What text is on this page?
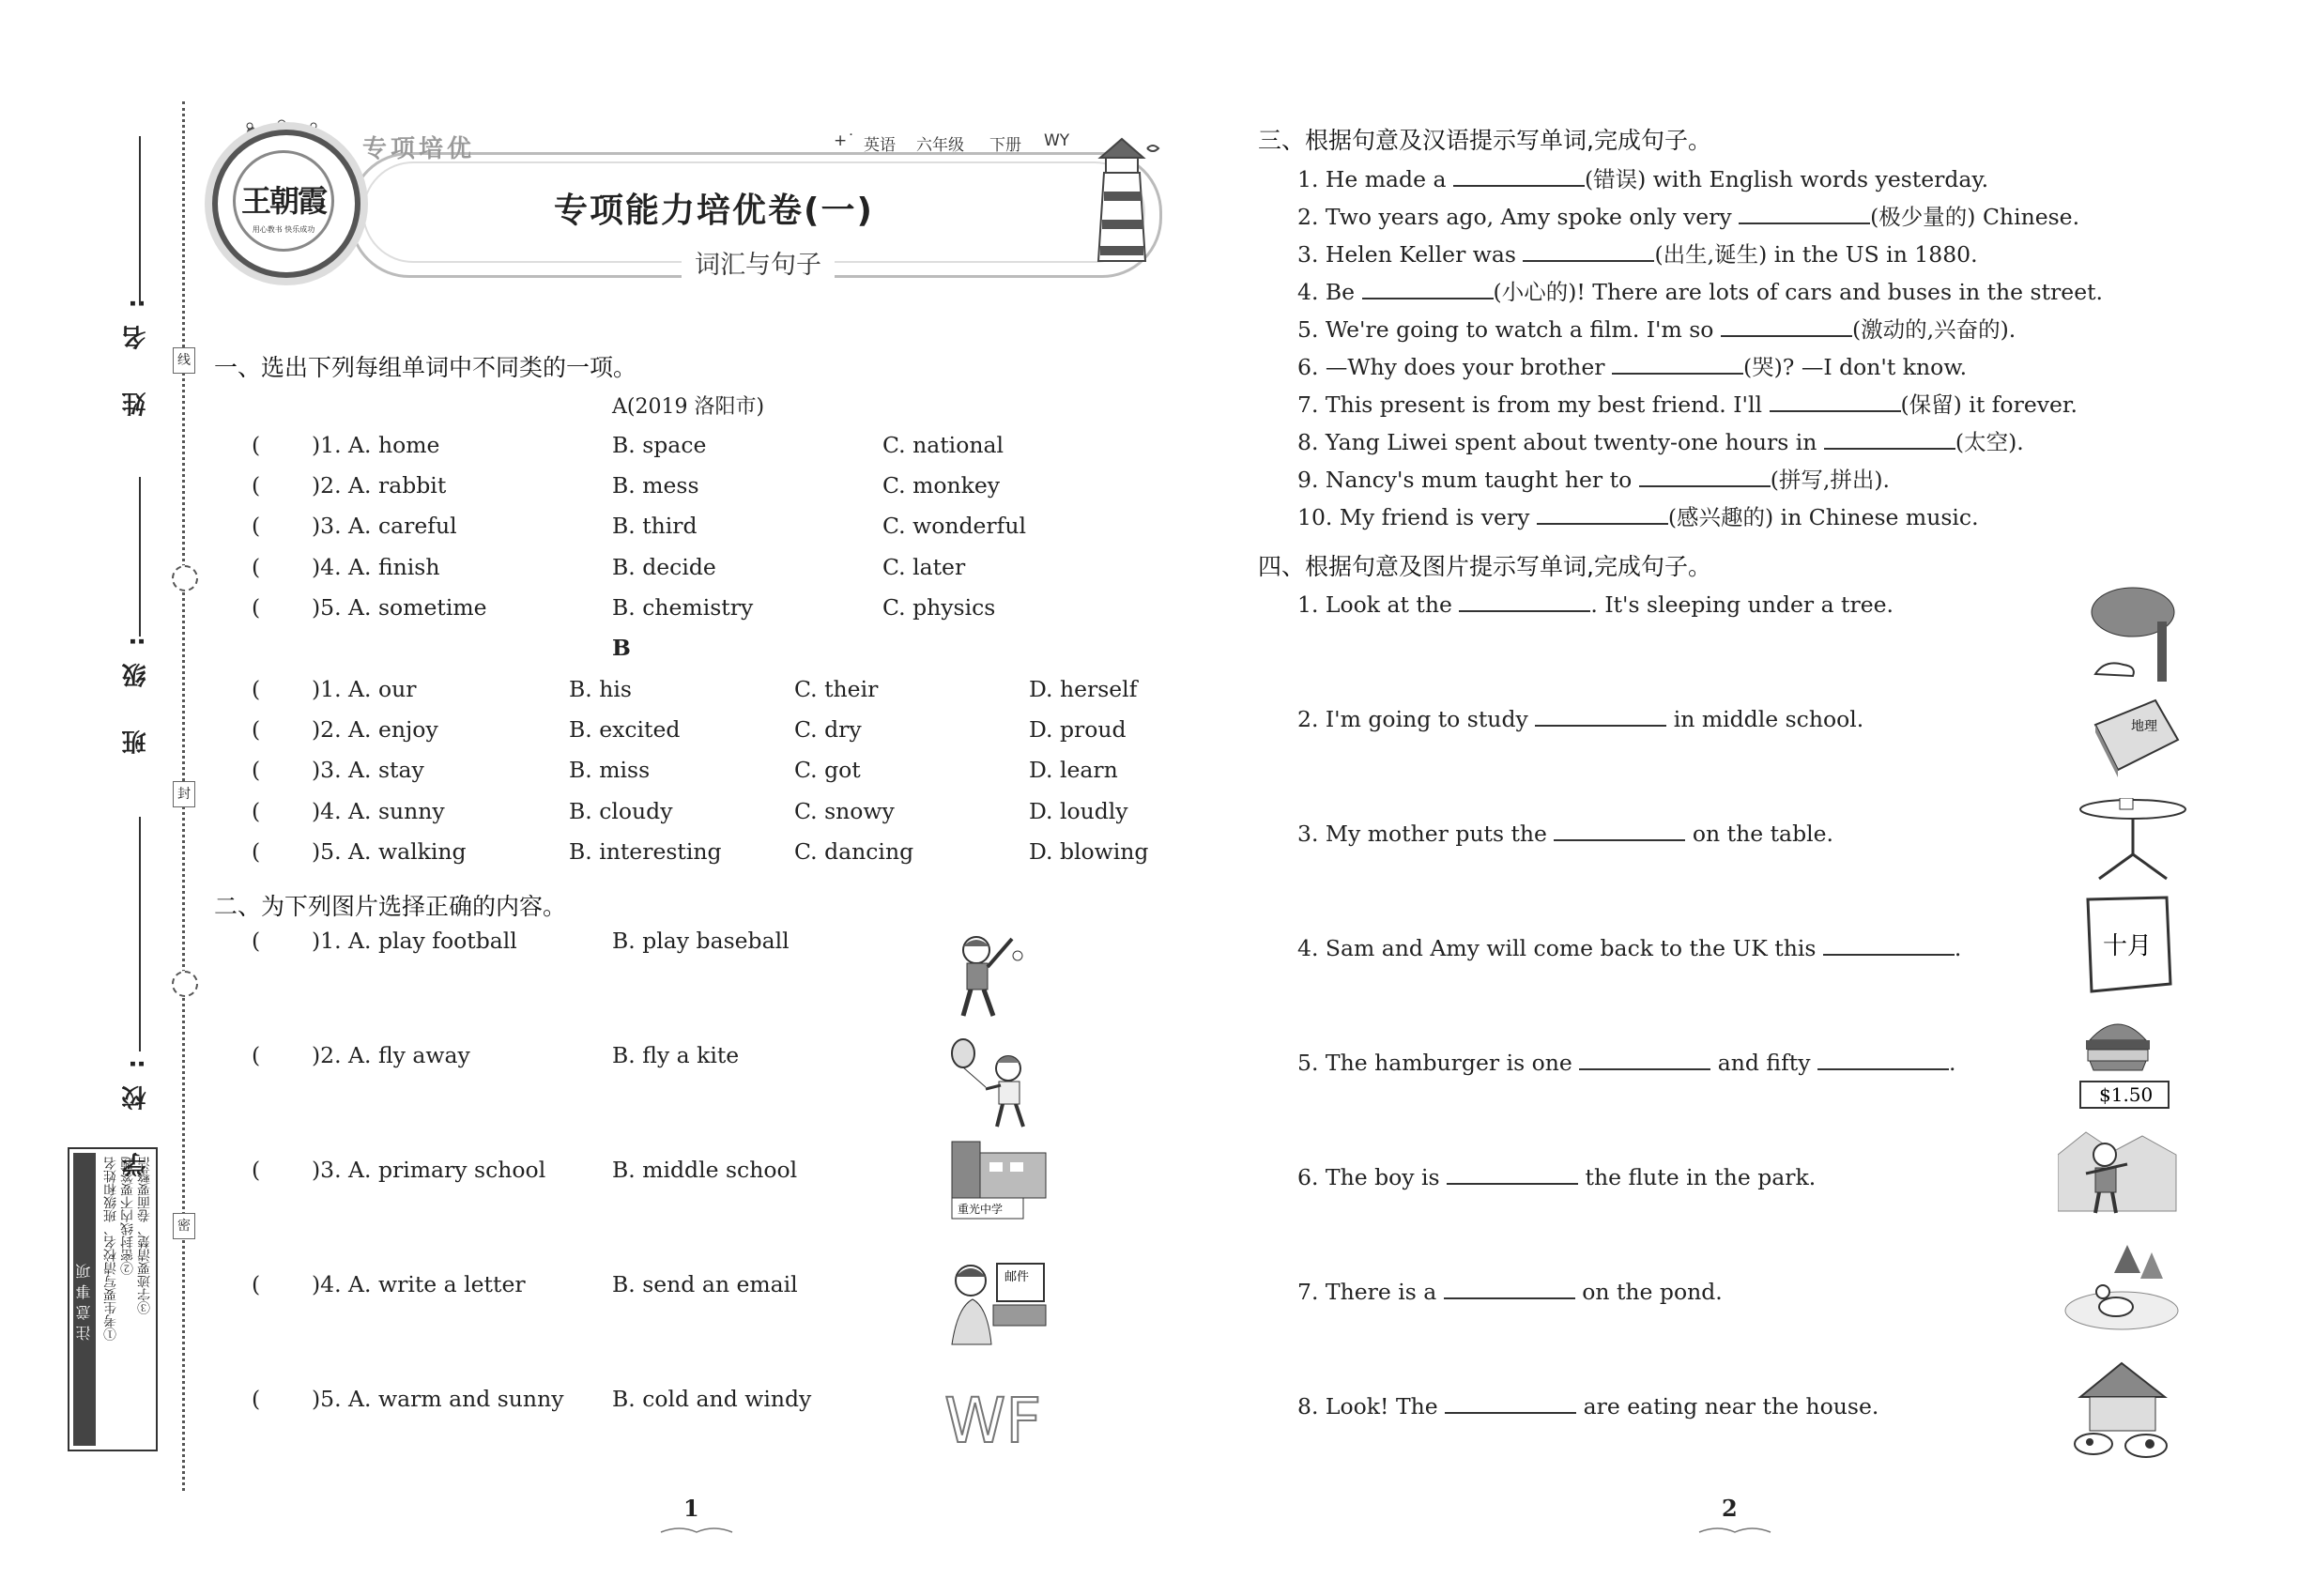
姓 名:
班 级:
学 校:
线
封
密
注意事项 ①考生要写清校名、班级和姓名 ②密封线内不要答题 ③字迹要清楚、卷面要整洁
专项培优	+˙ 英语 六年级 下册 WY
专项能力培优卷(一)
词汇与句子
王朝霞
用心教书 快乐成功
一、选出下列每组单词中不同类的一项。
A(2019 洛阳市)
( )1. A. home	B. space	C. national
( )2. A. rabbit	B. mess	C. monkey
( )3. A. careful	B. third	C. wonderful
( )4. A. finish	B. decide	C. later
( )5. A. sometime	B. chemistry	C. physics
B
( )1. A. our	B. his	C. their	D. herself
( )2. A. enjoy	B. excited	C. dry	D. proud
( )3. A. stay	B. miss	C. got	D. learn
( )4. A. sunny	B. cloudy	C. snowy	D. loudly
( )5. A. walking	B. interesting	C. dancing	D. blowing
二、为下列图片选择正确的内容。
( )1. A. play football	B. play baseball
( )2. A. fly away	B. fly a kite
( )3. A. primary school	B. middle school
( )4. A. write a letter	B. send an email
( )5. A. warm and sunny B. cold and windy
重光中学
邮件
WF
三、根据句意及汉语提示写单词,完成句子。
1. He made a	(错误) with English words yesterday.
2. Two years ago, Amy spoke only very	(极少量的) Chinese.
3. Helen Keller was	(出生,诞生) in the US in 1880.
4. Be	(小心的)! There are lots of cars and buses in the street.
5. We're going to watch a film. I'm so	(激动的,兴奋的).
6. —Why does your brother	(哭)? —I don't know.
7. This present is from my best friend. I'll	(保留) it forever.
8. Yang Liwei spent about twenty-one hours in	(太空).
9. Nancy's mum taught her to	(拼写,拼出).
10. My friend is very	(感兴趣的) in Chinese music.
四、根据句意及图片提示写单词,完成句子。
1. Look at the	. It's sleeping under a tree.
2. I'm going to study	in middle school.
3. My mother puts the	on the table.
4. Sam and Amy will come back to the UK this	.
5. The hamburger is one	and fifty	.
6. The boy is	the flute in the park.
7. There is a	on the pond.
8. Look! The	are eating near the house.
地理
十月
$1.50
1	2
